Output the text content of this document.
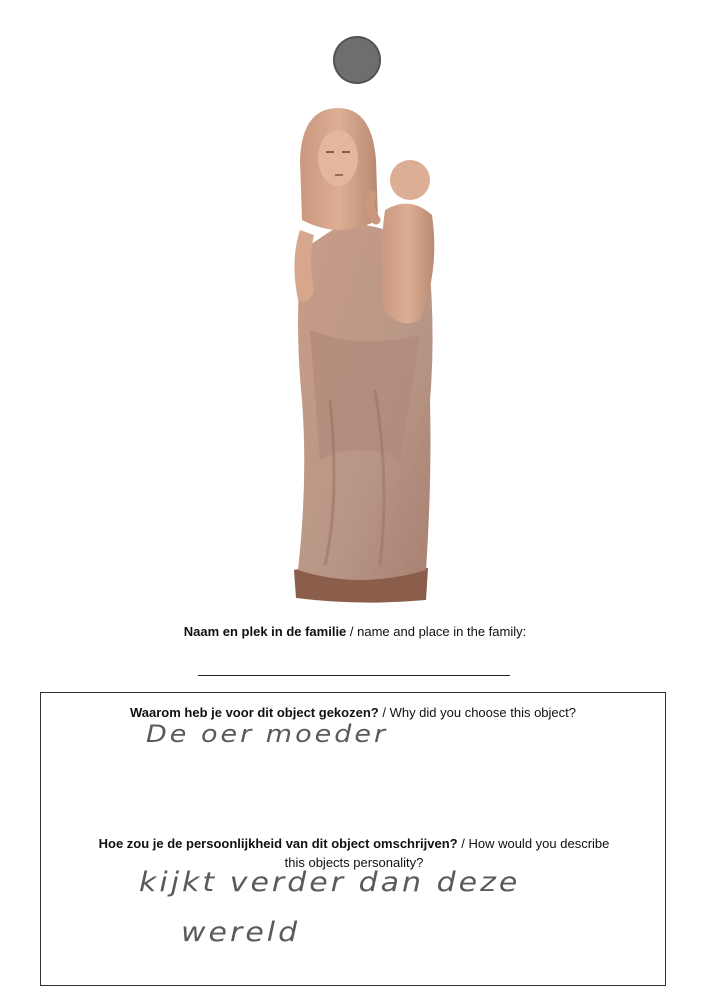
Naam en plek in de familie / name and place in the family:
Waarom heb je voor dit object gekozen? / Why did you choose this object?
De oer moeder
Hoe zou je de persoonlijkheid van dit object omschrijven? / How would you describe this objects personality?
kijkt verder dan deze
wereld
